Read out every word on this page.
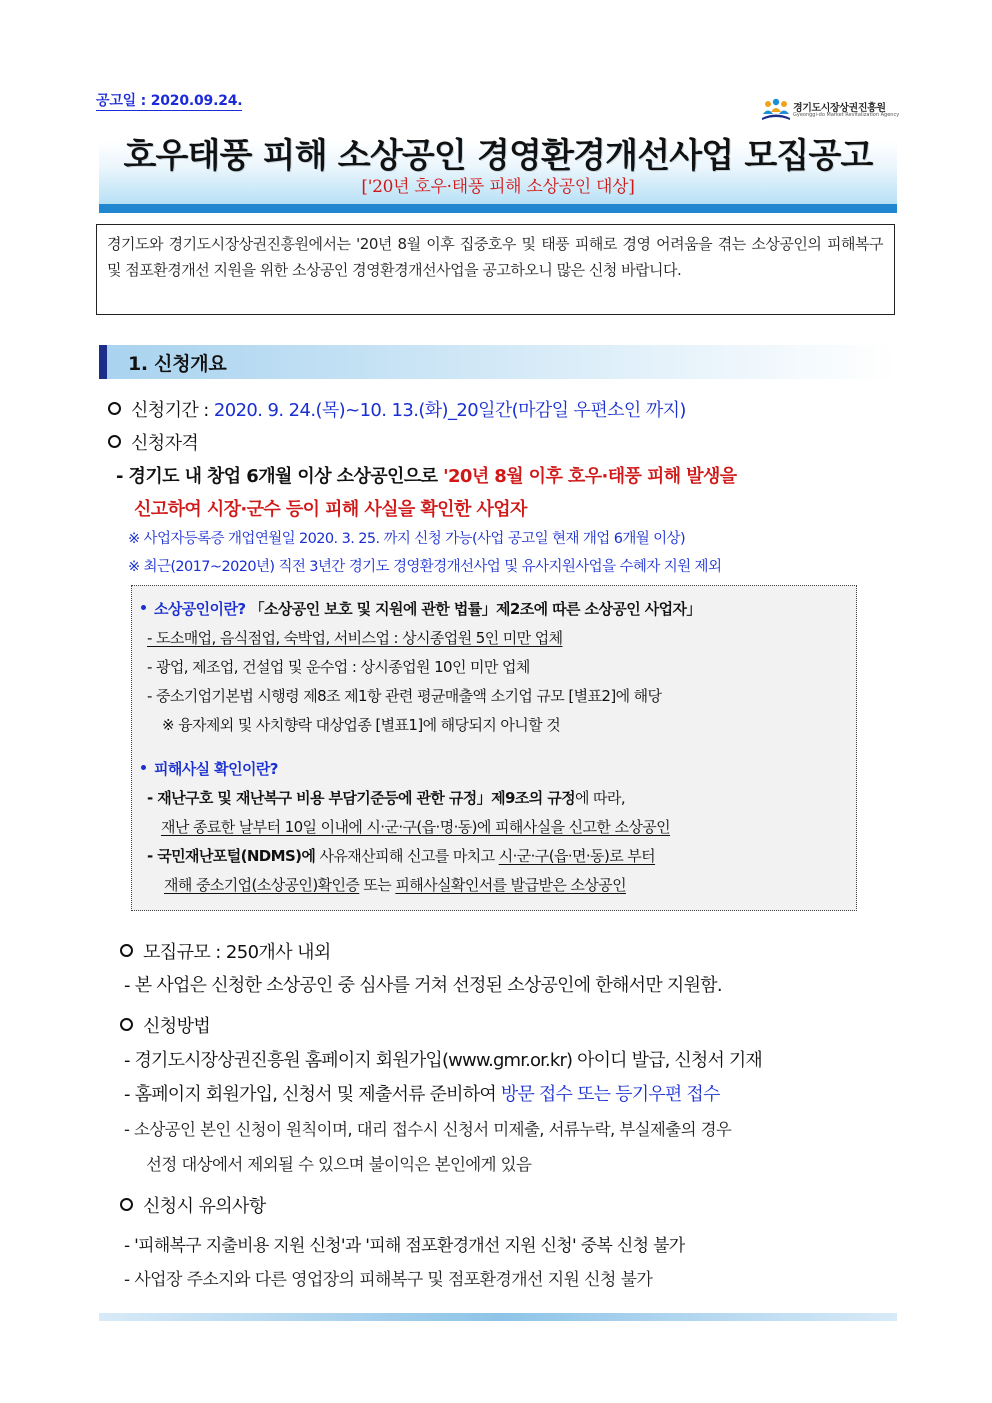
공고일 : 2020.09.24.	경기도시장상권진흥원
Gyeonggi-do Market Revitalization Agency
호우태풍 피해 소상공인 경영환경개선사업 모집공고
['20년 호우·태풍 피해 소상공인 대상]
경기도와 경기도시장상권진흥원에서는 '20년 8월 이후 집중호우 및 태풍 피해로 경영 어려움을 겪는 소상공인의 피해복구 및 점포환경개선 지원을 위한 소상공인 경영환경개선사업을 공고하오니 많은 신청 바랍니다.
1. 신청개요
신청기간 : 2020. 9. 24.(목)~10. 13.(화)_20일간(마감일 우편소인 까지)
신청자격
- 경기도 내 창업 6개월 이상 소상공인으로 '20년 8월 이후 호우·태풍 피해 발생을
신고하여 시장·군수 등이 피해 사실을 확인한 사업자
※ 사업자등록증 개업연월일 2020. 3. 25. 까지 신청 가능(사업 공고일 현재 개업 6개월 이상)
※ 최근(2017~2020년) 직전 3년간 경기도 경영환경개선사업 및 유사지원사업을 수혜자 지원 제외
소상공인이란? 「소상공인 보호 및 지원에 관한 법률」제2조에 따른 소상공인 사업자」
- 도소매업, 음식점업, 숙박업, 서비스업 : 상시종업원 5인 미만 업체
- 광업, 제조업, 건설업 및 운수업 : 상시종업원 10인 미만 업체
- 중소기업기본법 시행령 제8조 제1항 관련 평균매출액 소기업 규모 [별표2]에 해당
※ 융자제외 및 사치향락 대상업종 [별표1]에 해당되지 아니할 것
피해사실 확인이란?
- 재난구호 및 재난복구 비용 부담기준등에 관한 규정」제9조의 규정에 따라,
재난 종료한 날부터 10일 이내에 시·군·구(읍·명·동)에 피해사실을 신고한 소상공인
- 국민재난포털(NDMS)에 사유재산피해 신고를 마치고 시·군·구(읍·면·동)로 부터
재해 중소기업(소상공인)확인증 또는 피해사실확인서를 발급받은 소상공인
모집규모 : 250개사 내외
- 본 사업은 신청한 소상공인 중 심사를 거쳐 선정된 소상공인에 한해서만 지원함.
신청방법
- 경기도시장상권진흥원 홈페이지 회원가입(www.gmr.or.kr) 아이디 발급, 신청서 기재
- 홈페이지 회원가입, 신청서 및 제출서류 준비하여 방문 접수 또는 등기우편 접수
- 소상공인 본인 신청이 원칙이며, 대리 접수시 신청서 미제출, 서류누락, 부실제출의 경우
선정 대상에서 제외될 수 있으며 불이익은 본인에게 있음
신청시 유의사항
- '피해복구 지출비용 지원 신청'과 '피해 점포환경개선 지원 신청' 중복 신청 불가
- 사업장 주소지와 다른 영업장의 피해복구 및 점포환경개선 지원 신청 불가
